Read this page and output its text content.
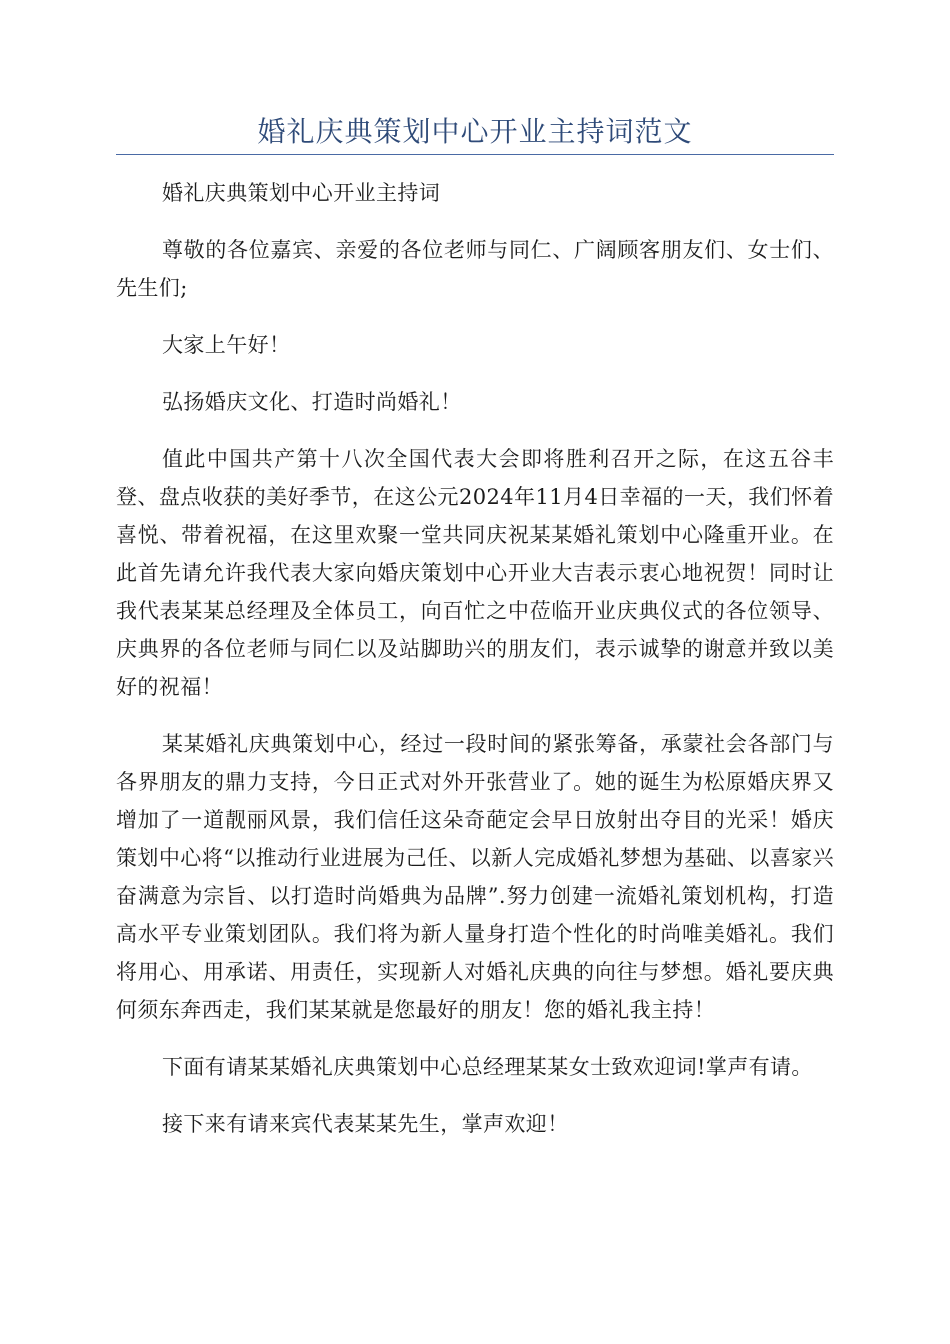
婚礼庆典策划中心开业主持词范文

婚礼庆典策划中心开业主持词

尊敬的各位嘉宾、亲爱的各位老师与同仁、广阔顾客朋友们、女士们、先生们;

大家上午好！

弘扬婚庆文化、打造时尚婚礼！

值此中国共产第十八次全国代表大会即将胜利召开之际，在这五谷丰登、盘点收获的美好季节，在这公元2024年11月4日幸福的一天，我们怀着喜悦、带着祝福，在这里欢聚一堂共同庆祝某某婚礼策划中心隆重开业。在此首先请允许我代表大家向婚庆策划中心开业大吉表示衷心地祝贺！同时让我代表某某总经理及全体员工，向百忙之中莅临开业庆典仪式的各位领导、庆典界的各位老师与同仁以及站脚助兴的朋友们，表示诚挚的谢意并致以美好的祝福！

某某婚礼庆典策划中心，经过一段时间的紧张筹备，承蒙社会各部门与各界朋友的鼎力支持，今日正式对外开张营业了。她的诞生为松原婚庆界又增加了一道靓丽风景，我们信任这朵奇葩定会早日放射出夺目的光采！婚庆策划中心将“以推动行业进展为己任、以新人完成婚礼梦想为基础、以喜家兴奋满意为宗旨、以打造时尚婚典为品牌”.努力创建一流婚礼策划机构，打造高水平专业策划团队。我们将为新人量身打造个性化的时尚唯美婚礼。我们将用心、用承诺、用责任，实现新人对婚礼庆典的向往与梦想。婚礼要庆典何须东奔西走，我们某某就是您最好的朋友！您的婚礼我主持！

下面有请某某婚礼庆典策划中心总经理某某女士致欢迎词!掌声有请。

接下来有请来宾代表某某先生，掌声欢迎！
